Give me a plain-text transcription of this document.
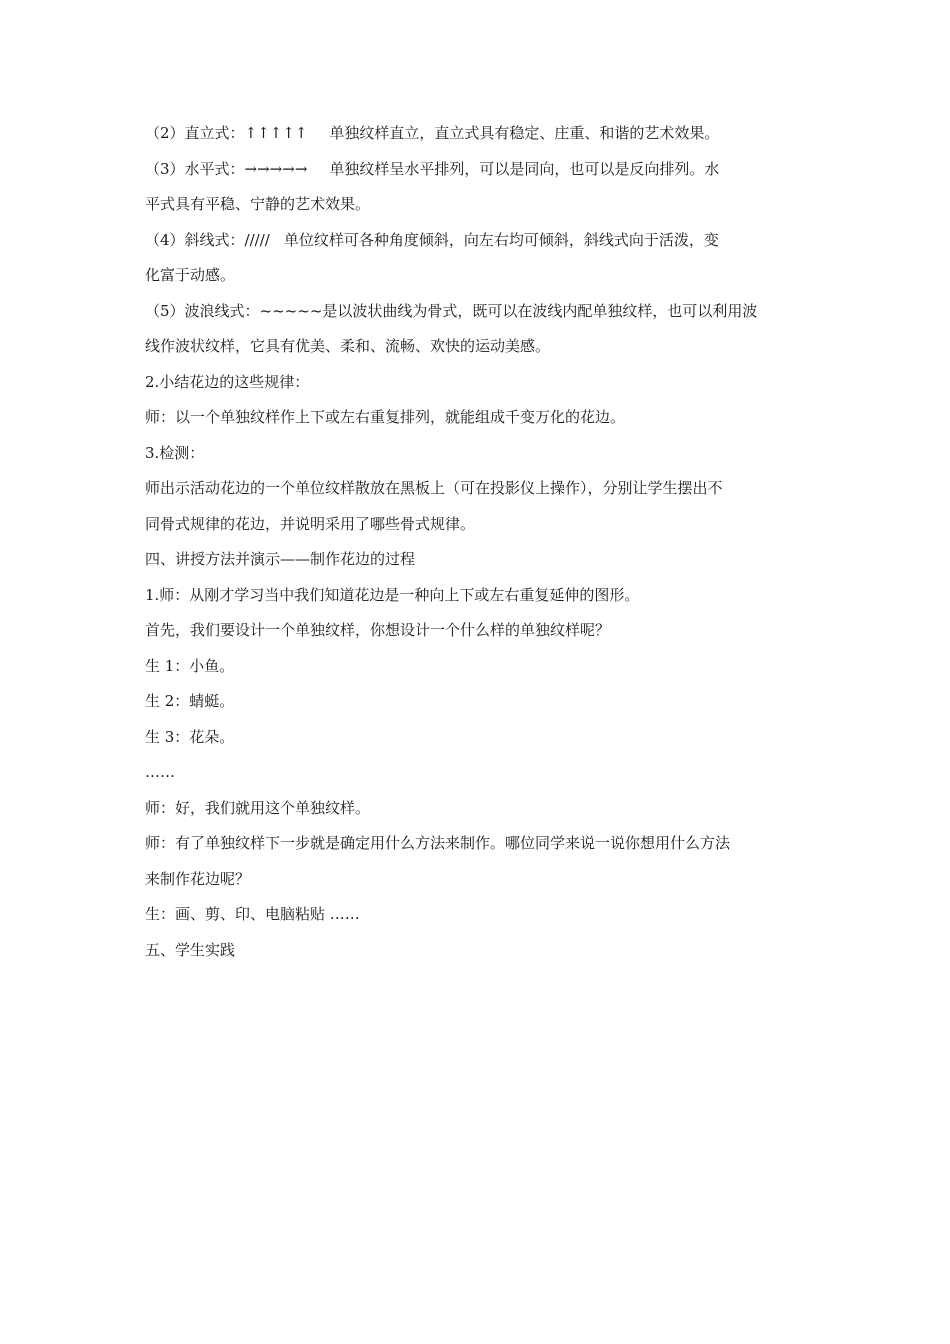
（2）直立式：↑↑↑↑↑ 单独纹样直立，直立式具有稳定、庄重、和谐的艺术效果。
（3）水平式：→→→→→ 单独纹样呈水平排列，可以是同向，也可以是反向排列。水
平式具有平稳、宁静的艺术效果。
（4）斜线式：///// 单位纹样可各种角度倾斜，向左右均可倾斜，斜线式向于活泼，变
化富于动感。
（5）波浪线式：~~~~~是以波状曲线为骨式，既可以在波线内配单独纹样，也可以利用波
线作波状纹样，它具有优美、柔和、流畅、欢快的运动美感。
2.小结花边的这些规律：
师：以一个单独纹样作上下或左右重复排列，就能组成千变万化的花边。
3.检测：
师出示活动花边的一个单位纹样散放在黑板上（可在投影仪上操作），分别让学生摆出不
同骨式规律的花边，并说明采用了哪些骨式规律。
四、讲授方法并演示——制作花边的过程
1.师：从刚才学习当中我们知道花边是一种向上下或左右重复延伸的图形。
首先，我们要设计一个单独纹样，你想设计一个什么样的单独纹样呢？
生 1：小鱼。
生 2：蜻蜓。
生 3：花朵。
……
师：好，我们就用这个单独纹样。
师：有了单独纹样下一步就是确定用什么方法来制作。哪位同学来说一说你想用什么方法
来制作花边呢？
生：画、剪、印、电脑粘贴 ……
五、学生实践
